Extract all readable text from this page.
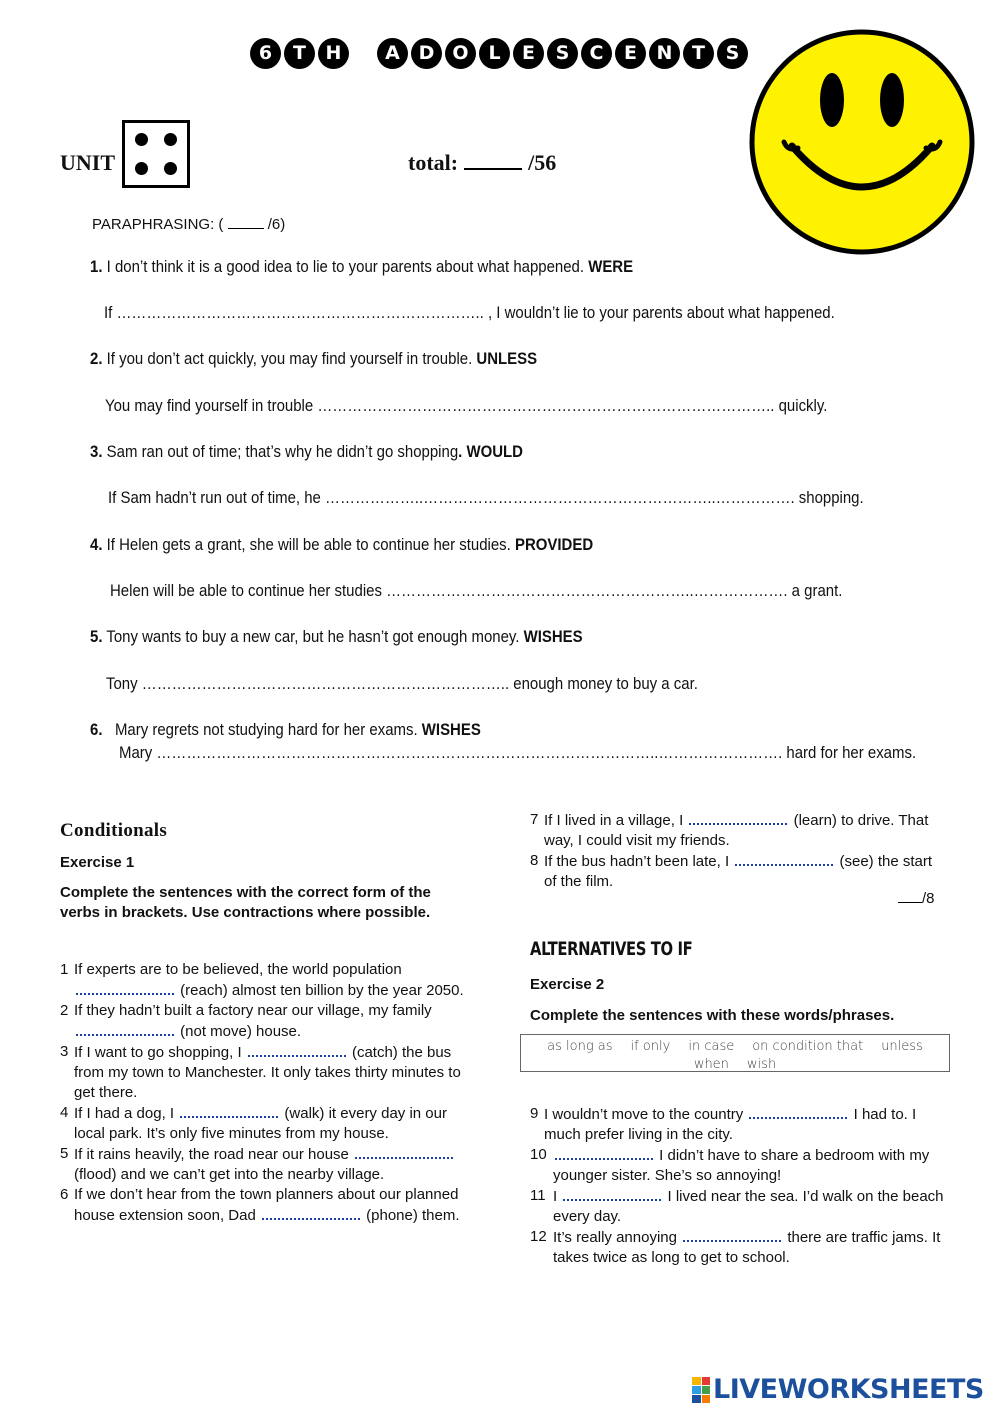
6	T	H	A D O	L	E	S	C	E	N	T	S
UNIT	total:	/56
PARAPHRASING: (	/6)
1. I don’t think it is a good idea to lie to your parents about what happened. WERE
If ……………………………………………………………….. , I wouldn’t lie to your parents about what happened.
2. If you don’t act quickly, you may find yourself in trouble. UNLESS
You may find yourself in trouble ……………………………………………………………………………….. quickly.
3. Sam ran out of time; that’s why he didn’t go shopping. WOULD
If Sam hadn’t run out of time, he ………………..…………………………………………………..……………. shopping.
4. If Helen gets a grant, she will be able to continue her studies. PROVIDED
Helen will be able to continue her studies ……………………………………………………..………………. a grant.
5. Tony wants to buy a new car, but he hasn’t got enough money. WISHES
Tony ……………………………………………………………….. enough money to buy a car.
6. Mary regrets not studying hard for her exams. WISHES
Mary ………………………………………………………………………………………..……………………. hard for her exams.
Conditionals
Exercise 1
Complete the sentences with the correct form of the verbs in brackets. Use contractions where possible.
1 If experts are to be believed, the world population  (reach) almost ten billion by the year 2050.
2 If they hadn’t built a factory near our village, my family  (not move) house.
3 If I want to go shopping, I	(catch) the bus from my town to Manchester. It only takes thirty minutes to get there.
4 If I had a dog, I	(walk) it every day in our local park. It’s only five minutes from my house.
5 If it rains heavily, the road near our house  (flood) and we can’t get into the nearby village.
6 If we don’t hear from the town planners about our planned house extension soon, Dad	(phone) them.
7 If I lived in a village, I	(learn) to drive. That way, I could visit my friends.
8 If the bus hadn’t been late, I	(see) the start of the film.
/8
ALTERNATIVES TO IF
Exercise 2
Complete the sentences with these words/phrases.
as long as if only in case on condition that unless
when wish
9 I wouldn’t move to the country	I had to. I much prefer living in the city.
10	I didn’t have to share a bedroom with my younger sister. She’s so annoying!
11 I	I lived near the sea. I’d walk on the beach every day.
12 It’s really annoying	there are traffic jams. It takes twice as long to get to school.
LIVEWORKSHEETS
